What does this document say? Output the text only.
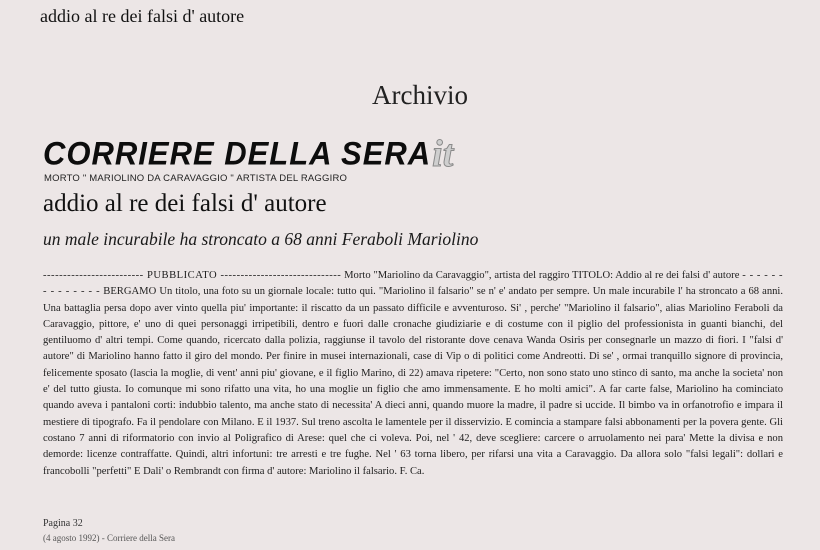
addio al re dei falsi d' autore
Archivio
CORRIERE DELLA SERAit
MORTO " MARIOLINO DA CARAVAGGIO " ARTISTA DEL RAGGIRO
addio al re dei falsi d' autore
un male incurabile ha stroncato a 68 anni Feraboli Mariolino
------------------------- PUBBLICATO ------------------------------ Morto "Mariolino da Caravaggio", artista del raggiro TITOLO: Addio al re dei falsi d' autore - - - - - - - - - - - - - - BERGAMO Un titolo, una foto su un giornale locale: tutto qui. "Mariolino il falsario" se n' e' andato per sempre. Un male incurabile l' ha stroncato a 68 anni. Una battaglia persa dopo aver vinto quella piu' importante: il riscatto da un passato difficile e avventuroso. Si' , perche' "Mariolino il falsario", alias Mariolino Feraboli da Caravaggio, pittore, e' uno di quei personaggi irripetibili, dentro e fuori dalle cronache giudiziarie e di costume con il piglio del professionista in guanti bianchi, del gentiluomo d' altri tempi. Come quando, ricercato dalla polizia, raggiunse il tavolo del ristorante dove cenava Wanda Osiris per consegnarle un mazzo di fiori. I "falsi d' autore" di Mariolino hanno fatto il giro del mondo. Per finire in musei internazionali, case di Vip o di politici come Andreotti. Di se' , ormai tranquillo signore di provincia, felicemente sposato (lascia la moglie, di vent' anni piu' giovane, e il figlio Marino, di 22) amava ripetere: "Certo, non sono stato uno stinco di santo, ma anche la societa' non e' del tutto giusta. Io comunque mi sono rifatto una vita, ho una moglie un figlio che amo immensamente. E ho molti amici". A far carte false, Mariolino ha cominciato quando aveva i pantaloni corti: indubbio talento, ma anche stato di necessita' A dieci anni, quando muore la madre, il padre si uccide. Il bimbo va in orfanotrofio e impara il mestiere di tipografo. Fa il pendolare con Milano. E il 1937. Sul treno ascolta le lamentele per il disservizio. E comincia a stampare falsi abbonamenti per la povera gente. Gli costano 7 anni di riformatorio con invio al Poligrafico di Arese: quel che ci voleva. Poi, nel ' 42, deve scegliere: carcere o arruolamento nei para' Mette la divisa e non demorde: licenze contraffatte. Quindi, altri infortuni: tre arresti e tre fughe. Nel ' 63 torna libero, per rifarsi una vita a Caravaggio. Da allora solo "falsi legali": dollari e francobolli "perfetti" E Dali' o Rembrandt con firma d' autore: Mariolino il falsario. F. Ca.
Pagina 32
(4 agosto 1992) - Corriere della Sera
